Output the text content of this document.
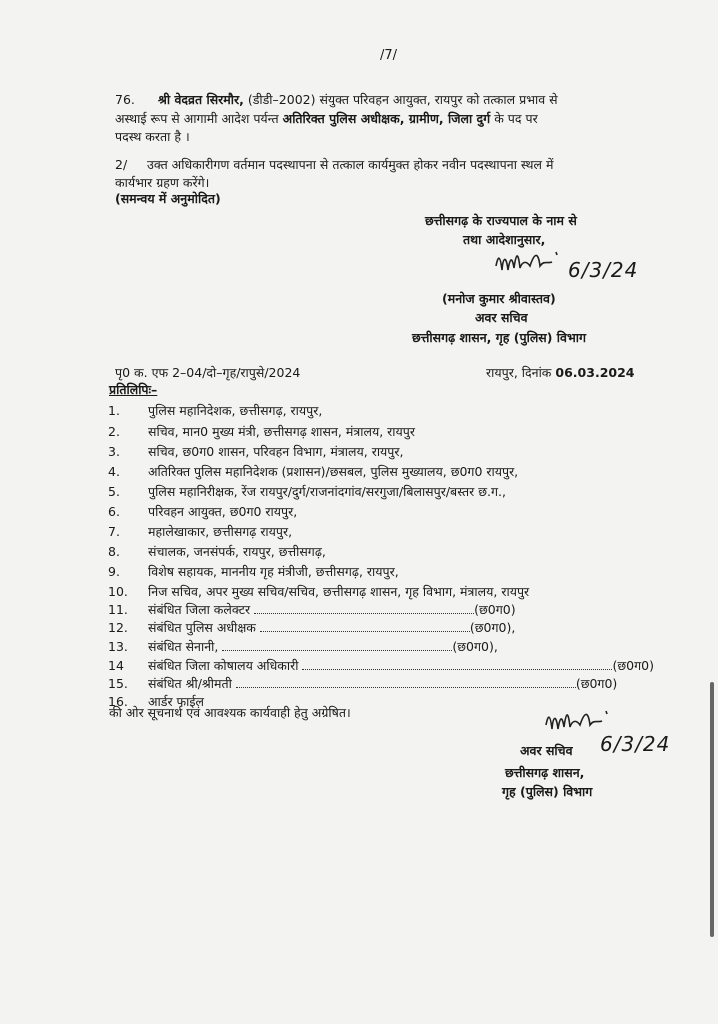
/7/
76. श्री वेदव्रत सिरमौर, (डीडी–2002) संयुक्त परिवहन आयुक्त, रायपुर को तत्काल प्रभाव से
अस्थाई रूप से आगामी आदेश पर्यन्त अतिरिक्त पुलिस अधीक्षक, ग्रामीण, जिला दुर्ग के पद पर
पदस्थ करता है ।
2/     उक्त अधिकारीगण वर्तमान पदस्थापना से तत्काल कार्यमुक्त होकर नवीन पदस्थापना स्थल में
कार्यभार ग्रहण करेंगे।
(समन्वय में अनुमोदित)
छत्तीसगढ़ के राज्यपाल के नाम से
तथा आदेशानुसार,
6/3/24
(मनोज कुमार श्रीवास्तव)
अवर सचिव
छत्तीसगढ़ शासन, गृह (पुलिस) विभाग
पृ0 क. एफ 2–04/दो–गृह/रापुसे/2024	रायपुर, दिनांक 06.03.2024
प्रतिलिपिः–
1.	पुलिस महानिदेशक, छत्तीसगढ़, रायपुर,
2.	सचिव, मान0 मुख्य मंत्री, छत्तीसगढ़ शासन, मंत्रालय, रायपुर
3.	सचिव, छ0ग0 शासन, परिवहन विभाग, मंत्रालय, रायपुर,
4.	अतिरिक्त पुलिस महानिदेशक (प्रशासन)/छसबल, पुलिस मुख्यालय, छ0ग0 रायपुर,
5.	पुलिस महानिरीक्षक, रेंज रायपुर/दुर्ग/राजनांदगांव/सरगुजा/बिलासपुर/बस्तर छ.ग.,
6.	परिवहन आयुक्त, छ0ग0 रायपुर,
7.	महालेखाकार, छत्तीसगढ़ रायपुर,
8.	संचालक, जनसंपर्क, रायपुर, छत्तीसगढ़,
9.	विशेष सहायक, माननीय गृह मंत्रीजी, छत्तीसगढ़, रायपुर,
10.	निज सचिव, अपर मुख्य सचिव/सचिव, छत्तीसगढ़ शासन, गृह विभाग, मंत्रालय, रायपुर
11.	संबंधित जिला कलेक्टर	(छ0ग0)
12.	संबंधित पुलिस अधीक्षक	(छ0ग0),
13.	संबंधित सेनानी,	(छ0ग0),
14	संबंधित जिला कोषालय अधिकारी	(छ0ग0)
15.	संबंधित श्री/श्रीमती	(छ0ग0)
16.	आर्डर फाईल
की ओर सूचनार्थ एवं आवश्यक कार्यवाही हेतु अग्रेषित।
अवर सचिव 6/3/24
छत्तीसगढ़ शासन,
गृह (पुलिस) विभाग
